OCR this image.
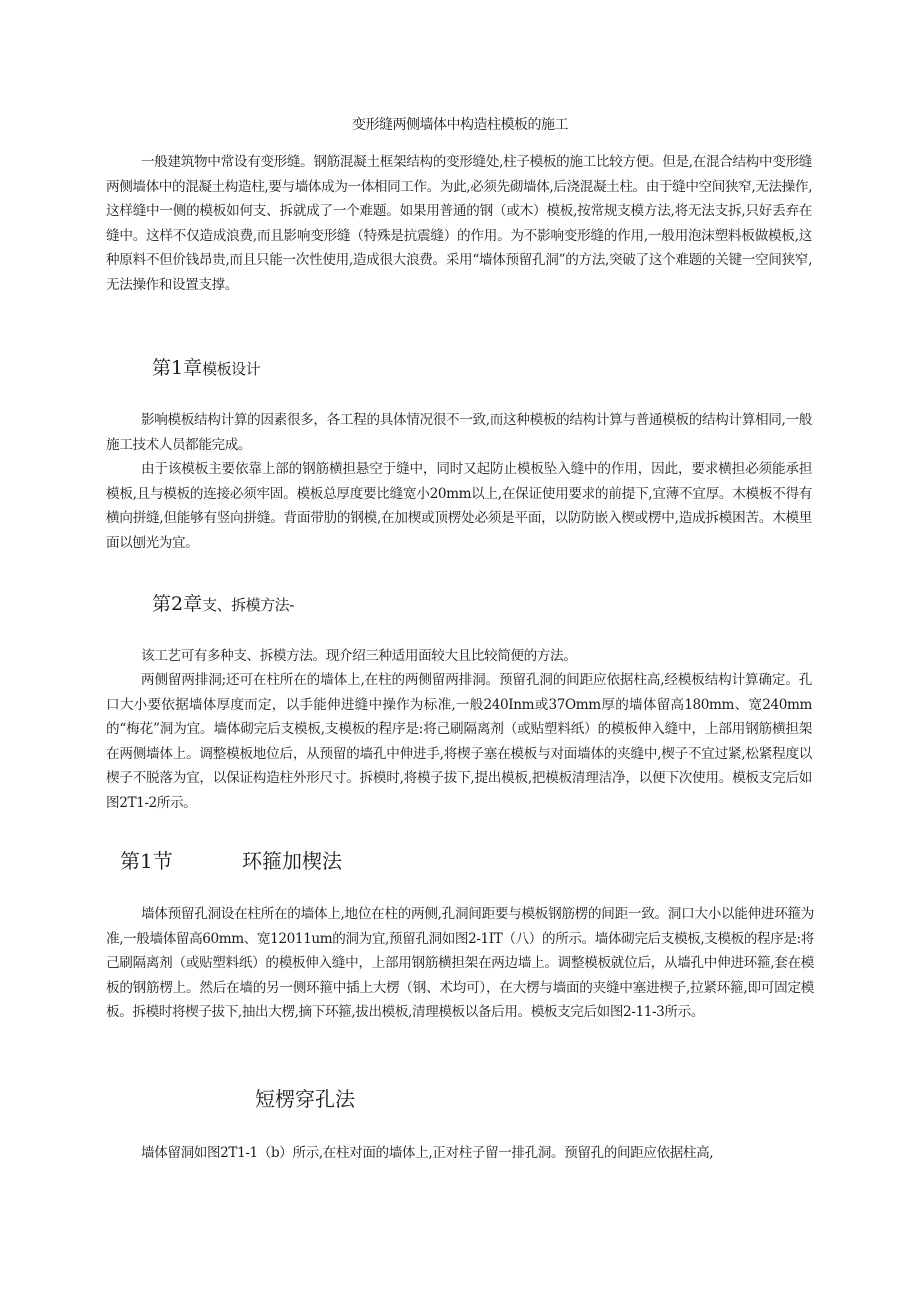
变形缝两侧墙体中构造柱模板的施工

一般建筑物中常设有变形缝。钢筋混凝土框架结构的变形缝处,柱子模板的施工比较方便。但是,在混合结构中变形缝两侧墙体中的混凝土构造柱,要与墙体成为一体相同工作。为此,必须先砌墙体,后浇混凝土柱。由于缝中空间狭窄,无法操作,这样缝中一侧的模板如何支、拆就成了一个难题。如果用普通的钢（或木）模板,按常规支模方法,将无法支拆,只好丢弃在缝中。这样不仅造成浪费,而且影响变形缝（特殊是抗震缝）的作用。为不影响变形缝的作用,一般用泡沫塑料板做模板,这种原料不但价钱昂贵,而且只能一次性使用,造成很大浪费。采用“墙体预留孔洞”的方法,突破了这个难题的关键一空间狭窄,无法操作和设置支撑。

第1章模板设计

影响模板结构计算的因素很多，各工程的具体情况很不一致,而这种模板的结构计算与普通模板的结构计算相同,一般施工技术人员都能完成。

由于该模板主要依靠上部的钢筋横担悬空于缝中，同时又起防止模板坠入缝中的作用，因此，要求横担必须能承担模板,且与模板的连接必须牢固。模板总厚度要比缝宽小20mm以上,在保证使用要求的前提下,宜薄不宜厚。木模板不得有横向拼缝,但能够有竖向拼缝。背面带肋的钢模,在加楔或顶楞处必须是平面，以防防嵌入楔或楞中,造成拆模困苦。木模里面以刨光为宜。

第2章支、拆模方法-

该工艺可有多种支、拆模方法。现介绍三种适用面较大且比较简便的方法。

两侧留两排洞;还可在柱所在的墙体上,在柱的两侧留两排洞。预留孔洞的间距应依据柱高,经模板结构计算确定。孔口大小要依据墙体厚度而定，以手能伸进缝中操作为标准,一般240Inm或37Omm厚的墙体留高180mm、宽240mm的“梅花”洞为宜。墙体砌完后支模板,支模板的程序是:将己刷隔离剂（或贴塑料纸）的模板伸入缝中，上部用钢筋横担架在两侧墙体上。调整模板地位后，从预留的墙孔中伸进手,将楔子塞在模板与对面墙体的夹缝中,楔子不宜过紧,松紧程度以楔子不脱落为宜，以保证构造柱外形尺寸。拆模时,将模子拔下,提出模板,把模板清理洁净，以便下次使用。模板支完后如图2T1-2所示。

第1节	环箍加楔法

墙体预留孔洞设在柱所在的墙体上,地位在柱的两侧,孔洞间距要与模板钢筋楞的间距一致。洞口大小以能伸进环箍为准,一般墙体留高60mm、宽12011um的洞为宜,预留孔洞如图2-1IT（八）的所示。墙体砌完后支模板,支模板的程序是:将己刷隔离剂（或贴塑料纸）的模板伸入缝中，上部用钢筋横担架在两边墙上。调整模板就位后，从墙孔中伸进环箍,套在模板的钢筋楞上。然后在墙的另一侧环箍中插上大楞（钢、术均可），在大楞与墙面的夹缝中塞进楔子,拉紧环箍,即可固定模板。拆模时将楔子拔下,抽出大楞,摘下环箍,拔出模板,清理模板以备后用。模板支完后如图2-11-3所示。

短楞穿孔法

墙体留洞如图2T1-1（b）所示,在柱对面的墙体上,正对柱子留一排孔洞。预留孔的间距应依据柱高,
